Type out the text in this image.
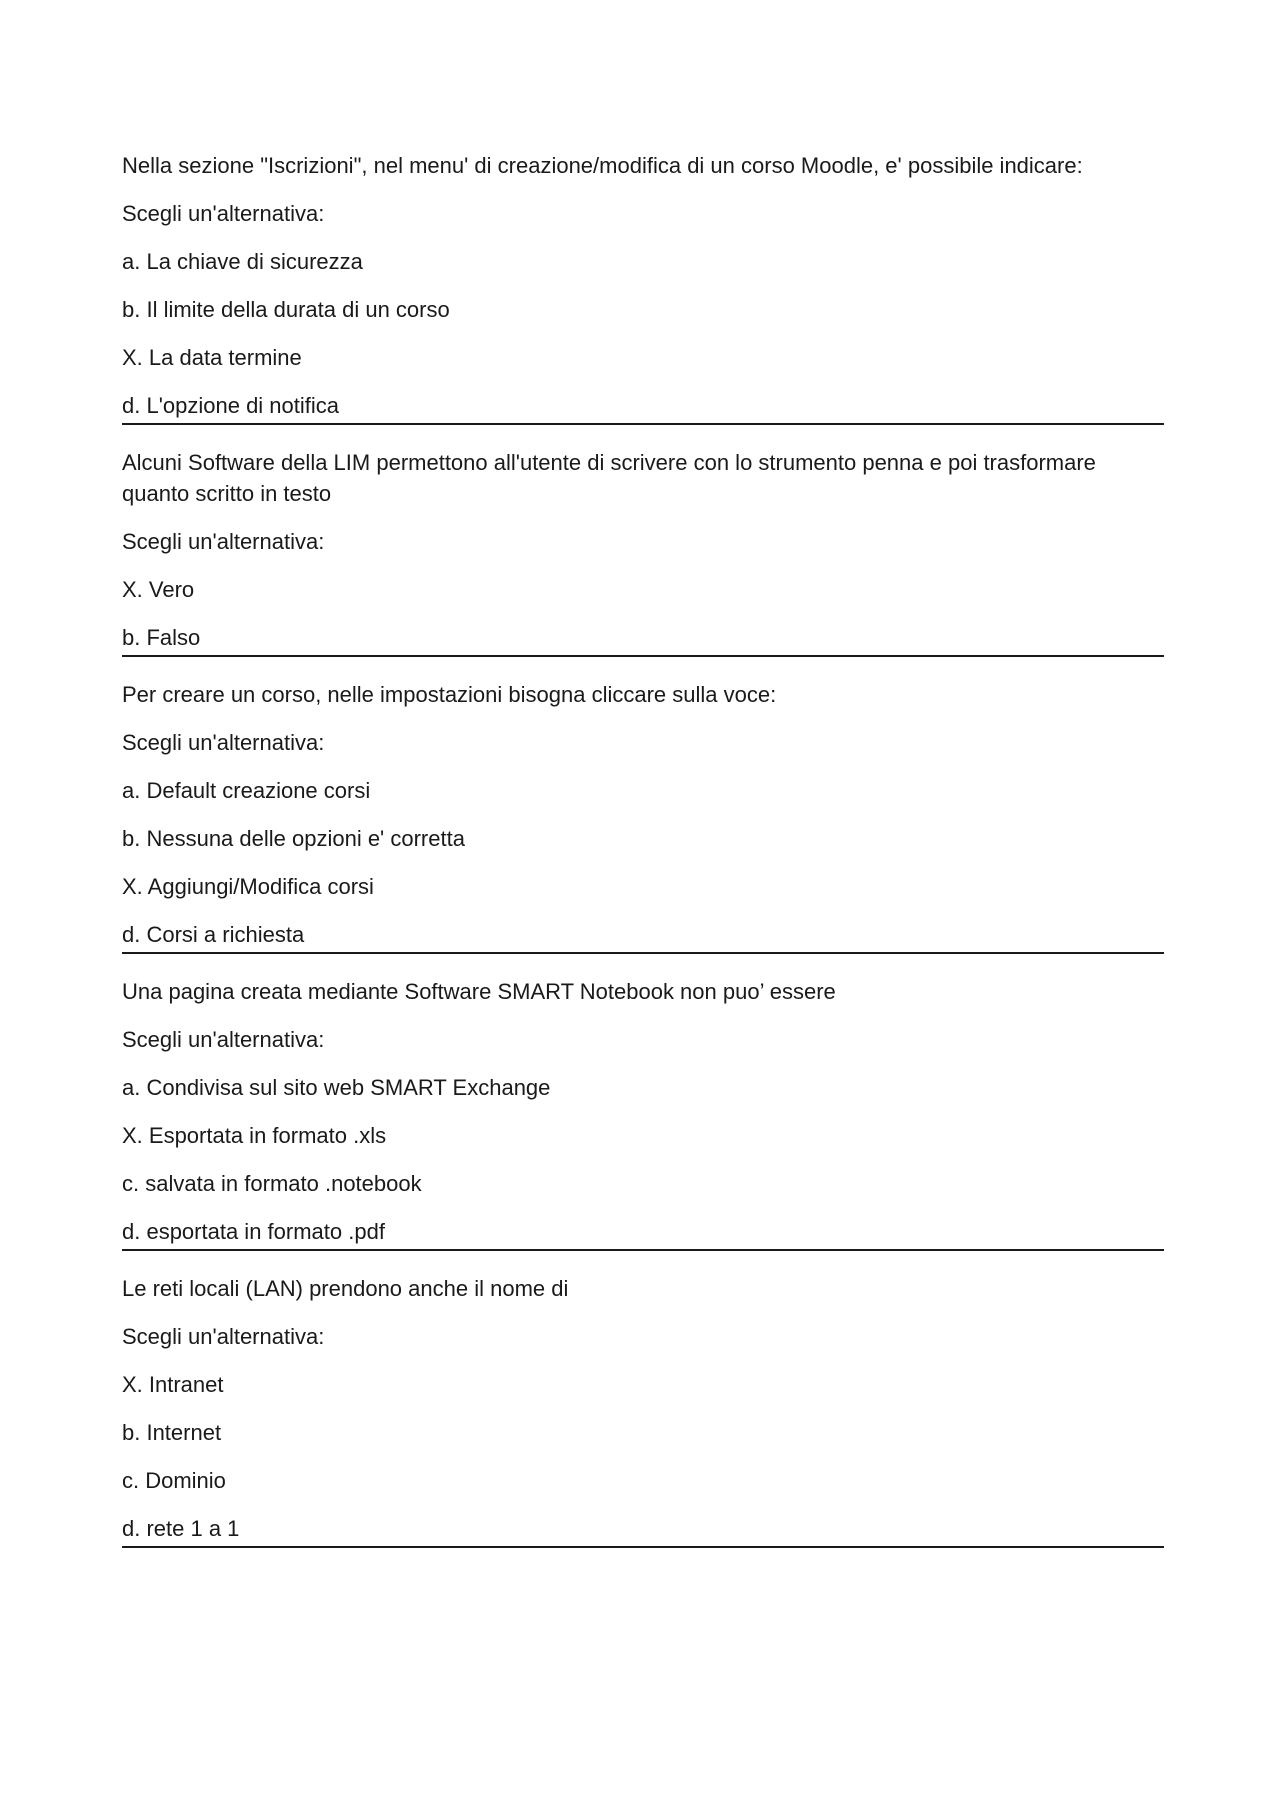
Nella sezione "Iscrizioni", nel menu' di creazione/modifica di un corso Moodle, e' possibile indicare:

Scegli un'alternativa:

a. La chiave di sicurezza

b. Il limite della durata di un corso

X. La data termine

d. L'opzione di notifica

Alcuni Software della LIM permettono all'utente di scrivere con lo strumento penna e poi trasformare quanto scritto in testo

Scegli un'alternativa:

X. Vero

b. Falso

Per creare un corso, nelle impostazioni bisogna cliccare sulla voce:

Scegli un'alternativa:

a. Default creazione corsi

b. Nessuna delle opzioni e' corretta

X. Aggiungi/Modifica corsi

d. Corsi a richiesta

Una pagina creata mediante Software SMART Notebook non puo’ essere

Scegli un'alternativa:

a. Condivisa sul sito web SMART Exchange

X. Esportata in formato .xls

c. salvata in formato .notebook

d. esportata in formato .pdf

Le reti locali (LAN) prendono anche il nome di

Scegli un'alternativa:

X. Intranet

b. Internet

c. Dominio

d. rete 1 a 1
